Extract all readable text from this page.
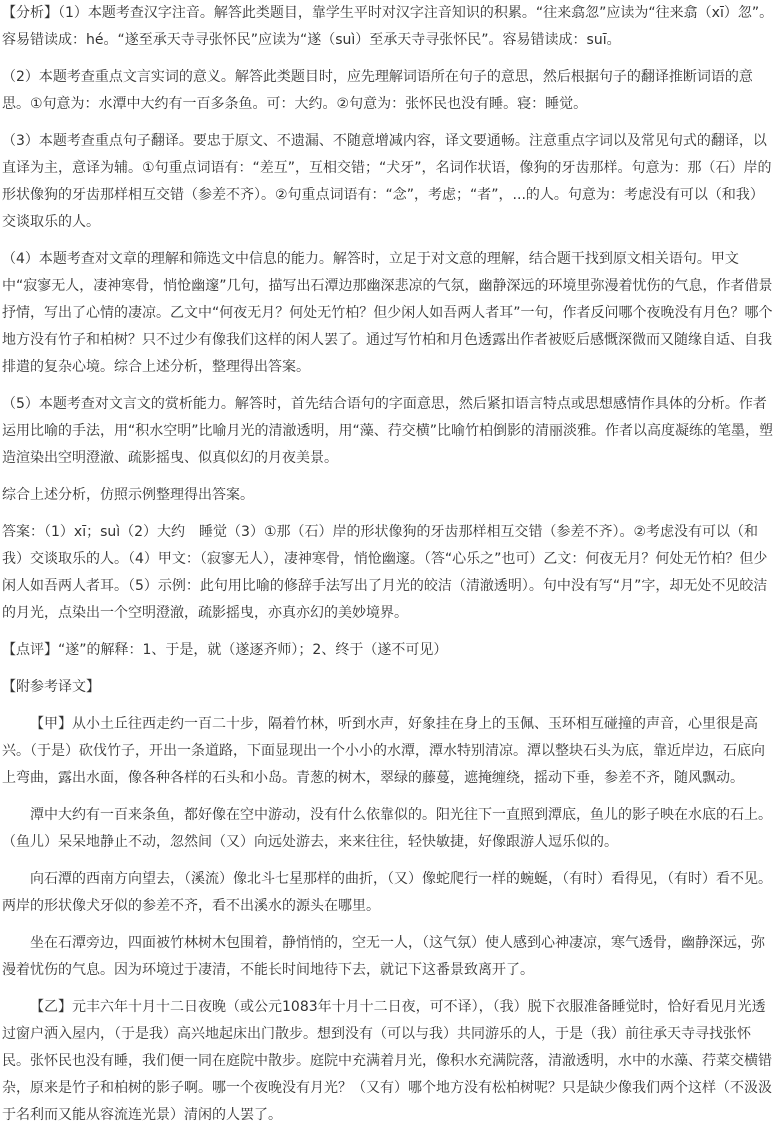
【分析】（1）本题考查汉字注音。解答此类题目，靠学生平时对汉字注音知识的积累。“往来翕忽”应读为“往来翕（xī）忽”。容易错读成：hé。“遂至承天寺寻张怀民”应读为“遂（suì）至承天寺寻张怀民”。容易错读成：suī。

（2）本题考查重点文言实词的意义。解答此类题目时，应先理解词语所在句子的意思，然后根据句子的翻译推断词语的意思。①句意为：水潭中大约有一百多条鱼。可：大约。②句意为：张怀民也没有睡。寝：睡觉。

（3）本题考查重点句子翻译。要忠于原文、不遗漏、不随意增减内容，译文要通畅。注意重点字词以及常见句式的翻译，以直译为主，意译为辅。①句重点词语有：“差互”，互相交错；“犬牙”，名词作状语，像狗的牙齿那样。句意为：那（石）岸的形状像狗的牙齿那样相互交错（参差不齐）。②句重点词语有：“念”，考虑；“者”，...的人。句意为：考虑没有可以（和我）交谈取乐的人。

（4）本题考查对文章的理解和筛选文中信息的能力。解答时，立足于对文意的理解，结合题干找到原文相关语句。甲文中“寂寥无人，凄神寒骨，悄怆幽邃”几句，描写出石潭边那幽深悲凉的气氛，幽静深远的环境里弥漫着忧伤的气息，作者借景抒情，写出了心情的凄凉。乙文中“何夜无月？何处无竹柏？但少闲人如吾两人者耳”一句，作者反问哪个夜晚没有月色？哪个地方没有竹子和柏树？只不过少有像我们这样的闲人罢了。通过写竹柏和月色透露出作者被贬后感慨深微而又随缘自适、自我排遣的复杂心境。综合上述分析，整理得出答案。

（5）本题考查对文言文的赏析能力。解答时，首先结合语句的字面意思，然后紧扣语言特点或思想感情作具体的分析。作者运用比喻的手法，用“积水空明”比喻月光的清澈透明，用“藻、荇交横”比喻竹柏倒影的清丽淡雅。作者以高度凝练的笔墨，塑造渲染出空明澄澈、疏影摇曳、似真似幻的月夜美景。

综合上述分析，仿照示例整理得出答案。

答案：（1）xī；suì（2）大约　睡觉（3）①那（石）岸的形状像狗的牙齿那样相互交错（参差不齐）。②考虑没有可以（和我）交谈取乐的人。（4）甲文：（寂寥无人），凄神寒骨，悄怆幽邃。（答“心乐之”也可）乙文：何夜无月？何处无竹柏？但少闲人如吾两人者耳。（5）示例：此句用比喻的修辞手法写出了月光的皎洁（清澈透明）。句中没有写“月”字，却无处不见皎洁的月光，点染出一个空明澄澈，疏影摇曳，亦真亦幻的美妙境界。

【点评】“遂”的解释：1、于是，就（遂逐齐师）；2、终于（遂不可见）

【附参考译文】

【甲】从小土丘往西走约一百二十步，隔着竹林，听到水声，好象挂在身上的玉佩、玉环相互碰撞的声音，心里很是高兴。（于是）砍伐竹子，开出一条道路，下面显现出一个小小的水潭，潭水特别清凉。潭以整块石头为底，靠近岸边，石底向上弯曲，露出水面，像各种各样的石头和小岛。青葱的树木，翠绿的藤蔓，遮掩缠绕，摇动下垂，参差不齐，随风飘动。

潭中大约有一百来条鱼，都好像在空中游动，没有什么依靠似的。阳光往下一直照到潭底，鱼儿的影子映在水底的石上。（鱼儿）呆呆地静止不动，忽然间（又）向远处游去，来来往往，轻快敏捷，好像跟游人逗乐似的。

向石潭的西南方向望去，（溪流）像北斗七星那样的曲折，（又）像蛇爬行一样的蜿蜒，（有时）看得见，（有时）看不见。两岸的形状像犬牙似的参差不齐，看不出溪水的源头在哪里。

坐在石潭旁边，四面被竹林树木包围着，静悄悄的，空无一人，（这气氛）使人感到心神凄凉，寒气透骨，幽静深远，弥漫着忧伤的气息。因为环境过于凄清，不能长时间地待下去，就记下这番景致离开了。

【乙】元丰六年十月十二日夜晚（或公元1083年十月十二日夜，可不译），（我）脱下衣服准备睡觉时，恰好看见月光透过窗户洒入屋内，（于是我）高兴地起床出门散步。想到没有（可以与我）共同游乐的人，于是（我）前往承天寺寻找张怀民。张怀民也没有睡，我们便一同在庭院中散步。庭院中充满着月光，像积水充满院落，清澈透明，水中的水藻、荇菜交横错杂，原来是竹子和柏树的影子啊。哪一个夜晚没有月光？（又有）哪个地方没有松柏树呢？只是缺少像我们两个这样（不汲汲于名利而又能从容流连光景）清闲的人罢了。
